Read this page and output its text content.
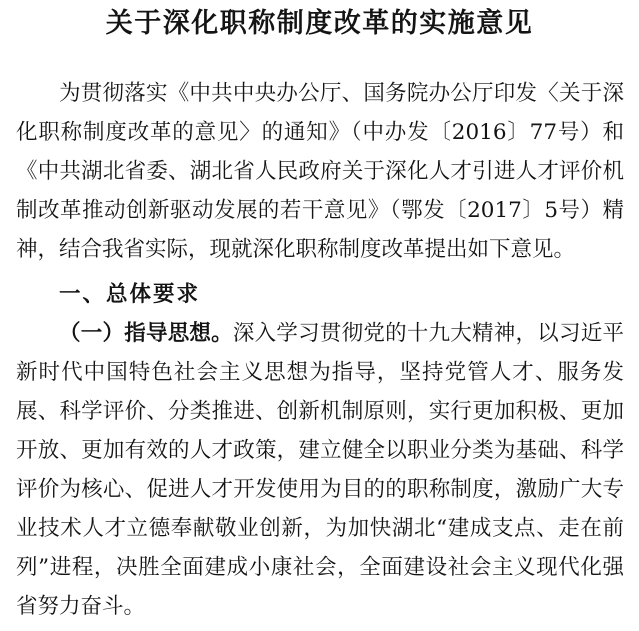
关于深化职称制度改革的实施意见
为贯彻落实《中共中央办公厅、国务院办公厅印发〈关于深
化职称制度改革的意见〉的通知》（中办发〔2016〕77号）和
《中共湖北省委、湖北省人民政府关于深化人才引进人才评价机
制改革推动创新驱动发展的若干意见》（鄂发〔2017〕5号）精
神，结合我省实际，现就深化职称制度改革提出如下意见。
一、总体要求
（一）指导思想。深入学习贯彻党的十九大精神，以习近平
新时代中国特色社会主义思想为指导，坚持党管人才、服务发
展、科学评价、分类推进、创新机制原则，实行更加积极、更加
开放、更加有效的人才政策，建立健全以职业分类为基础、科学
评价为核心、促进人才开发使用为目的的职称制度，激励广大专
业技术人才立德奉献敬业创新，为加快湖北“建成支点、走在前
列”进程，决胜全面建成小康社会，全面建设社会主义现代化强
省努力奋斗。
